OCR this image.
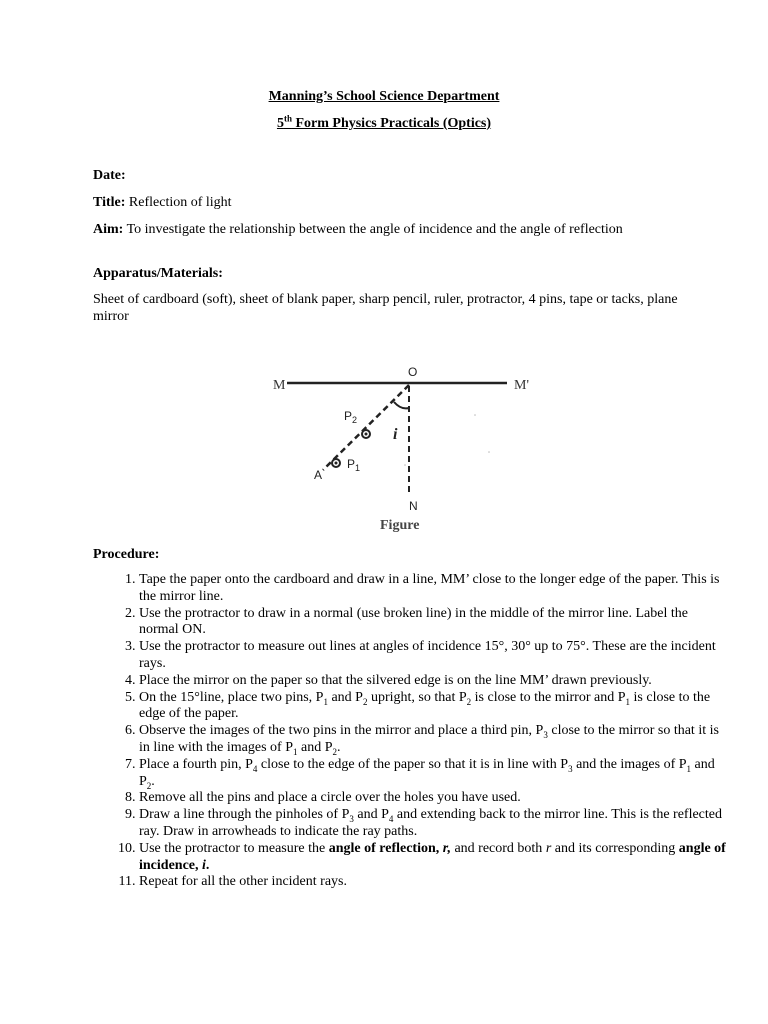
Manning’s School Science Department
5th Form Physics Practicals (Optics)

Date:

Title: Reflection of light

Aim: To investigate the relationship between the angle of incidence and the angle of reflection

Apparatus/Materials:

Sheet of cardboard (soft), sheet of blank paper, sharp pencil, ruler, protractor, 4 pins, tape or tacks, plane mirror

M	M'
O
N
A
$P_1$
$P_2$
i
Figure

Procedure:

1. Tape the paper onto the cardboard and draw in a line, MM’ close to the longer edge of the paper. This is the mirror line.
2. Use the protractor to draw in a normal (use broken line) in the middle of the mirror line. Label the normal ON.
3. Use the protractor to measure out lines at angles of incidence 15°, 30° up to 75°. These are the incident rays.
4. Place the mirror on the paper so that the silvered edge is on the line MM’ drawn previously.
5. On the 15°line, place two pins, $P_1$ and $P_2$ upright, so that $P_2$ is close to the mirror and $P_1$ is close to the edge of the paper.
6. Observe the images of the two pins in the mirror and place a third pin, $P_3$ close to the mirror so that it is in line with the images of $P_1$ and $P_2$.
7. Place a fourth pin, $P_4$ close to the edge of the paper so that it is in line with $P_3$ and the images of $P_1$ and $P_2$.
8. Remove all the pins and place a circle over the holes you have used.
9. Draw a line through the pinholes of $P_3$ and $P_4$ and extending back to the mirror line. This is the reflected ray. Draw in arrowheads to indicate the ray paths.
10. Use the protractor to measure the angle of reflection, r, and record both r and its corresponding angle of incidence, i.
11. Repeat for all the other incident rays.
